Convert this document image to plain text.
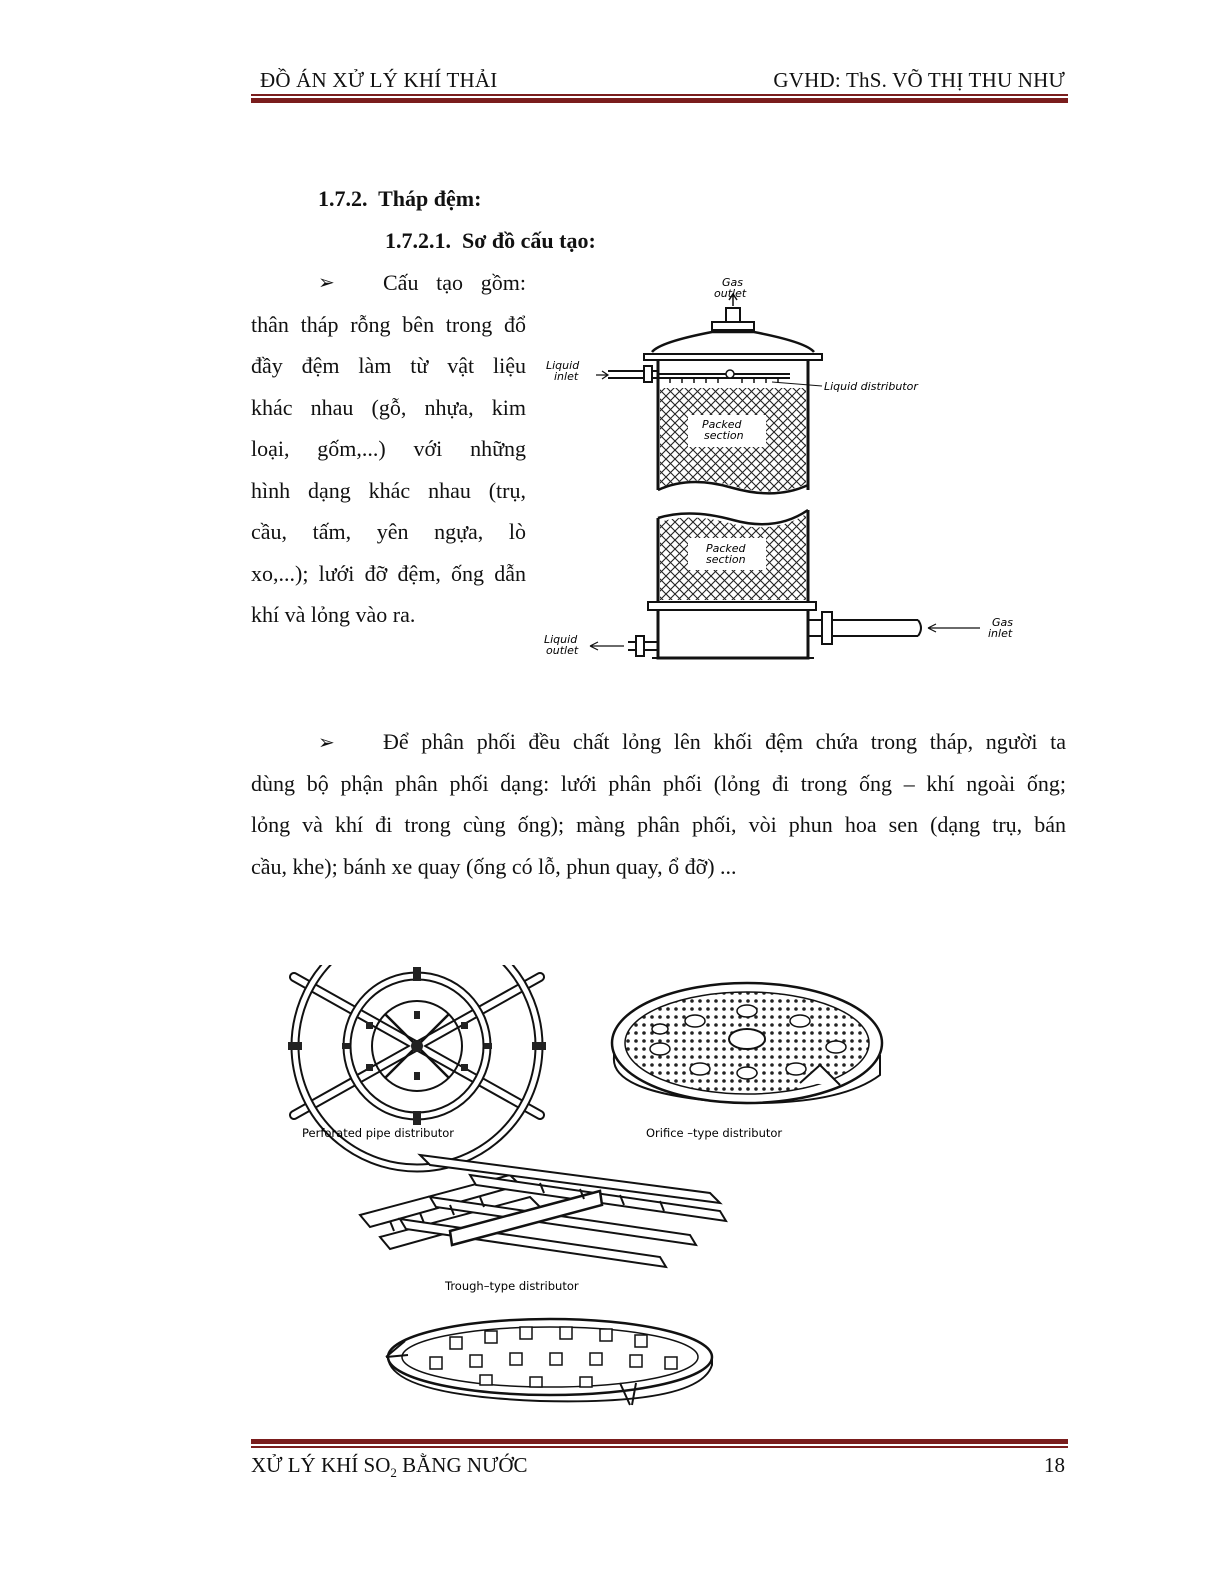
ĐỒ ÁN XỬ LÝ KHÍ THẢI	GVHD: ThS. VÕ THỊ THU NHƯ
1.7.2. Tháp đệm:
1.7.2.1. Sơ đồ cấu tạo:
➢	Cấu tạo gồm:
thân tháp rỗng bên trong đổ
đầy đệm làm từ vật liệu
khác nhau (gỗ, nhựa, kim
loại, gốm,...) với những
hình dạng khác nhau (trụ,
cầu, tấm, yên ngựa, lò
xo,...); lưới đỡ đệm, ống dẫn
khí và lỏng vào ra.
Gas
outlet
Liquid
inlet
Liquid distributor
Packed
section
Packed
section
Gas
inlet
Liquid
outlet
➢	Để phân phối đều chất lỏng lên khối đệm chứa trong tháp, người ta
dùng bộ phận phân phối dạng: lưới phân phối (lỏng đi trong ống – khí ngoài ống;
lỏng và khí đi trong cùng ống); màng phân phối, vòi phun hoa sen (dạng trụ, bán
cầu, khe); bánh xe quay (ống có lỗ, phun quay, ổ đỡ) ...
Perforated pipe distributor	Orifice –type distributor
Trough–type distributor
XỬ LÝ KHÍ $SO_2$ BẰNG NƯỚC	18
